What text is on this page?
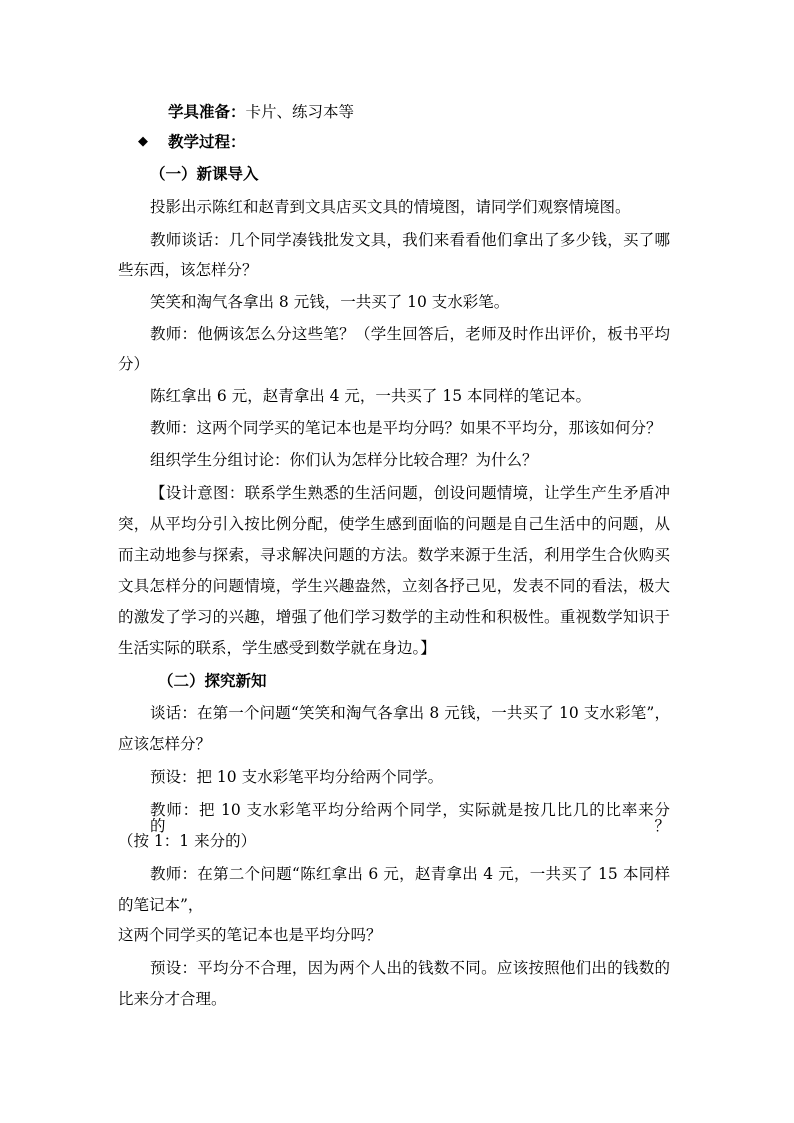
学具准备：卡片、练习本等
◆ 教学过程：
（一）新课导入
投影出示陈红和赵青到文具店买文具的情境图，请同学们观察情境图。
教师谈话：几个同学凑钱批发文具，我们来看看他们拿出了多少钱，买了哪
些东西，该怎样分？
笑笑和淘气各拿出 8 元钱，一共买了 10 支水彩笔。
教师：他俩该怎么分这些笔？（学生回答后，老师及时作出评价，板书平均
分）
陈红拿出 6 元，赵青拿出 4 元，一共买了 15 本同样的笔记本。
教师：这两个同学买的笔记本也是平均分吗？如果不平均分，那该如何分？
组织学生分组讨论：你们认为怎样分比较合理？为什么？
【设计意图：联系学生熟悉的生活问题，创设问题情境，让学生产生矛盾冲
突，从平均分引入按比例分配，使学生感到面临的问题是自己生活中的问题，从
而主动地参与探索，寻求解决问题的方法。数学来源于生活，利用学生合伙购买
文具怎样分的问题情境，学生兴趣盎然，立刻各抒己见，发表不同的看法，极大
的激发了学习的兴趣，增强了他们学习数学的主动性和积极性。重视数学知识于
生活实际的联系，学生感受到数学就在身边。】
（二）探究新知
谈话：在第一个问题“笑笑和淘气各拿出 8 元钱，一共买了 10 支水彩笔”，
应该怎样分？
预设：把 10 支水彩笔平均分给两个同学。
教师：把 10 支水彩笔平均分给两个同学，实际就是按几比几的比率来分的？
（按 1：1 来分的）
教师：在第二个问题“陈红拿出 6 元，赵青拿出 4 元，一共买了 15 本同样
的笔记本”，
这两个同学买的笔记本也是平均分吗？
预设：平均分不合理，因为两个人出的钱数不同。应该按照他们出的钱数的
比来分才合理。
